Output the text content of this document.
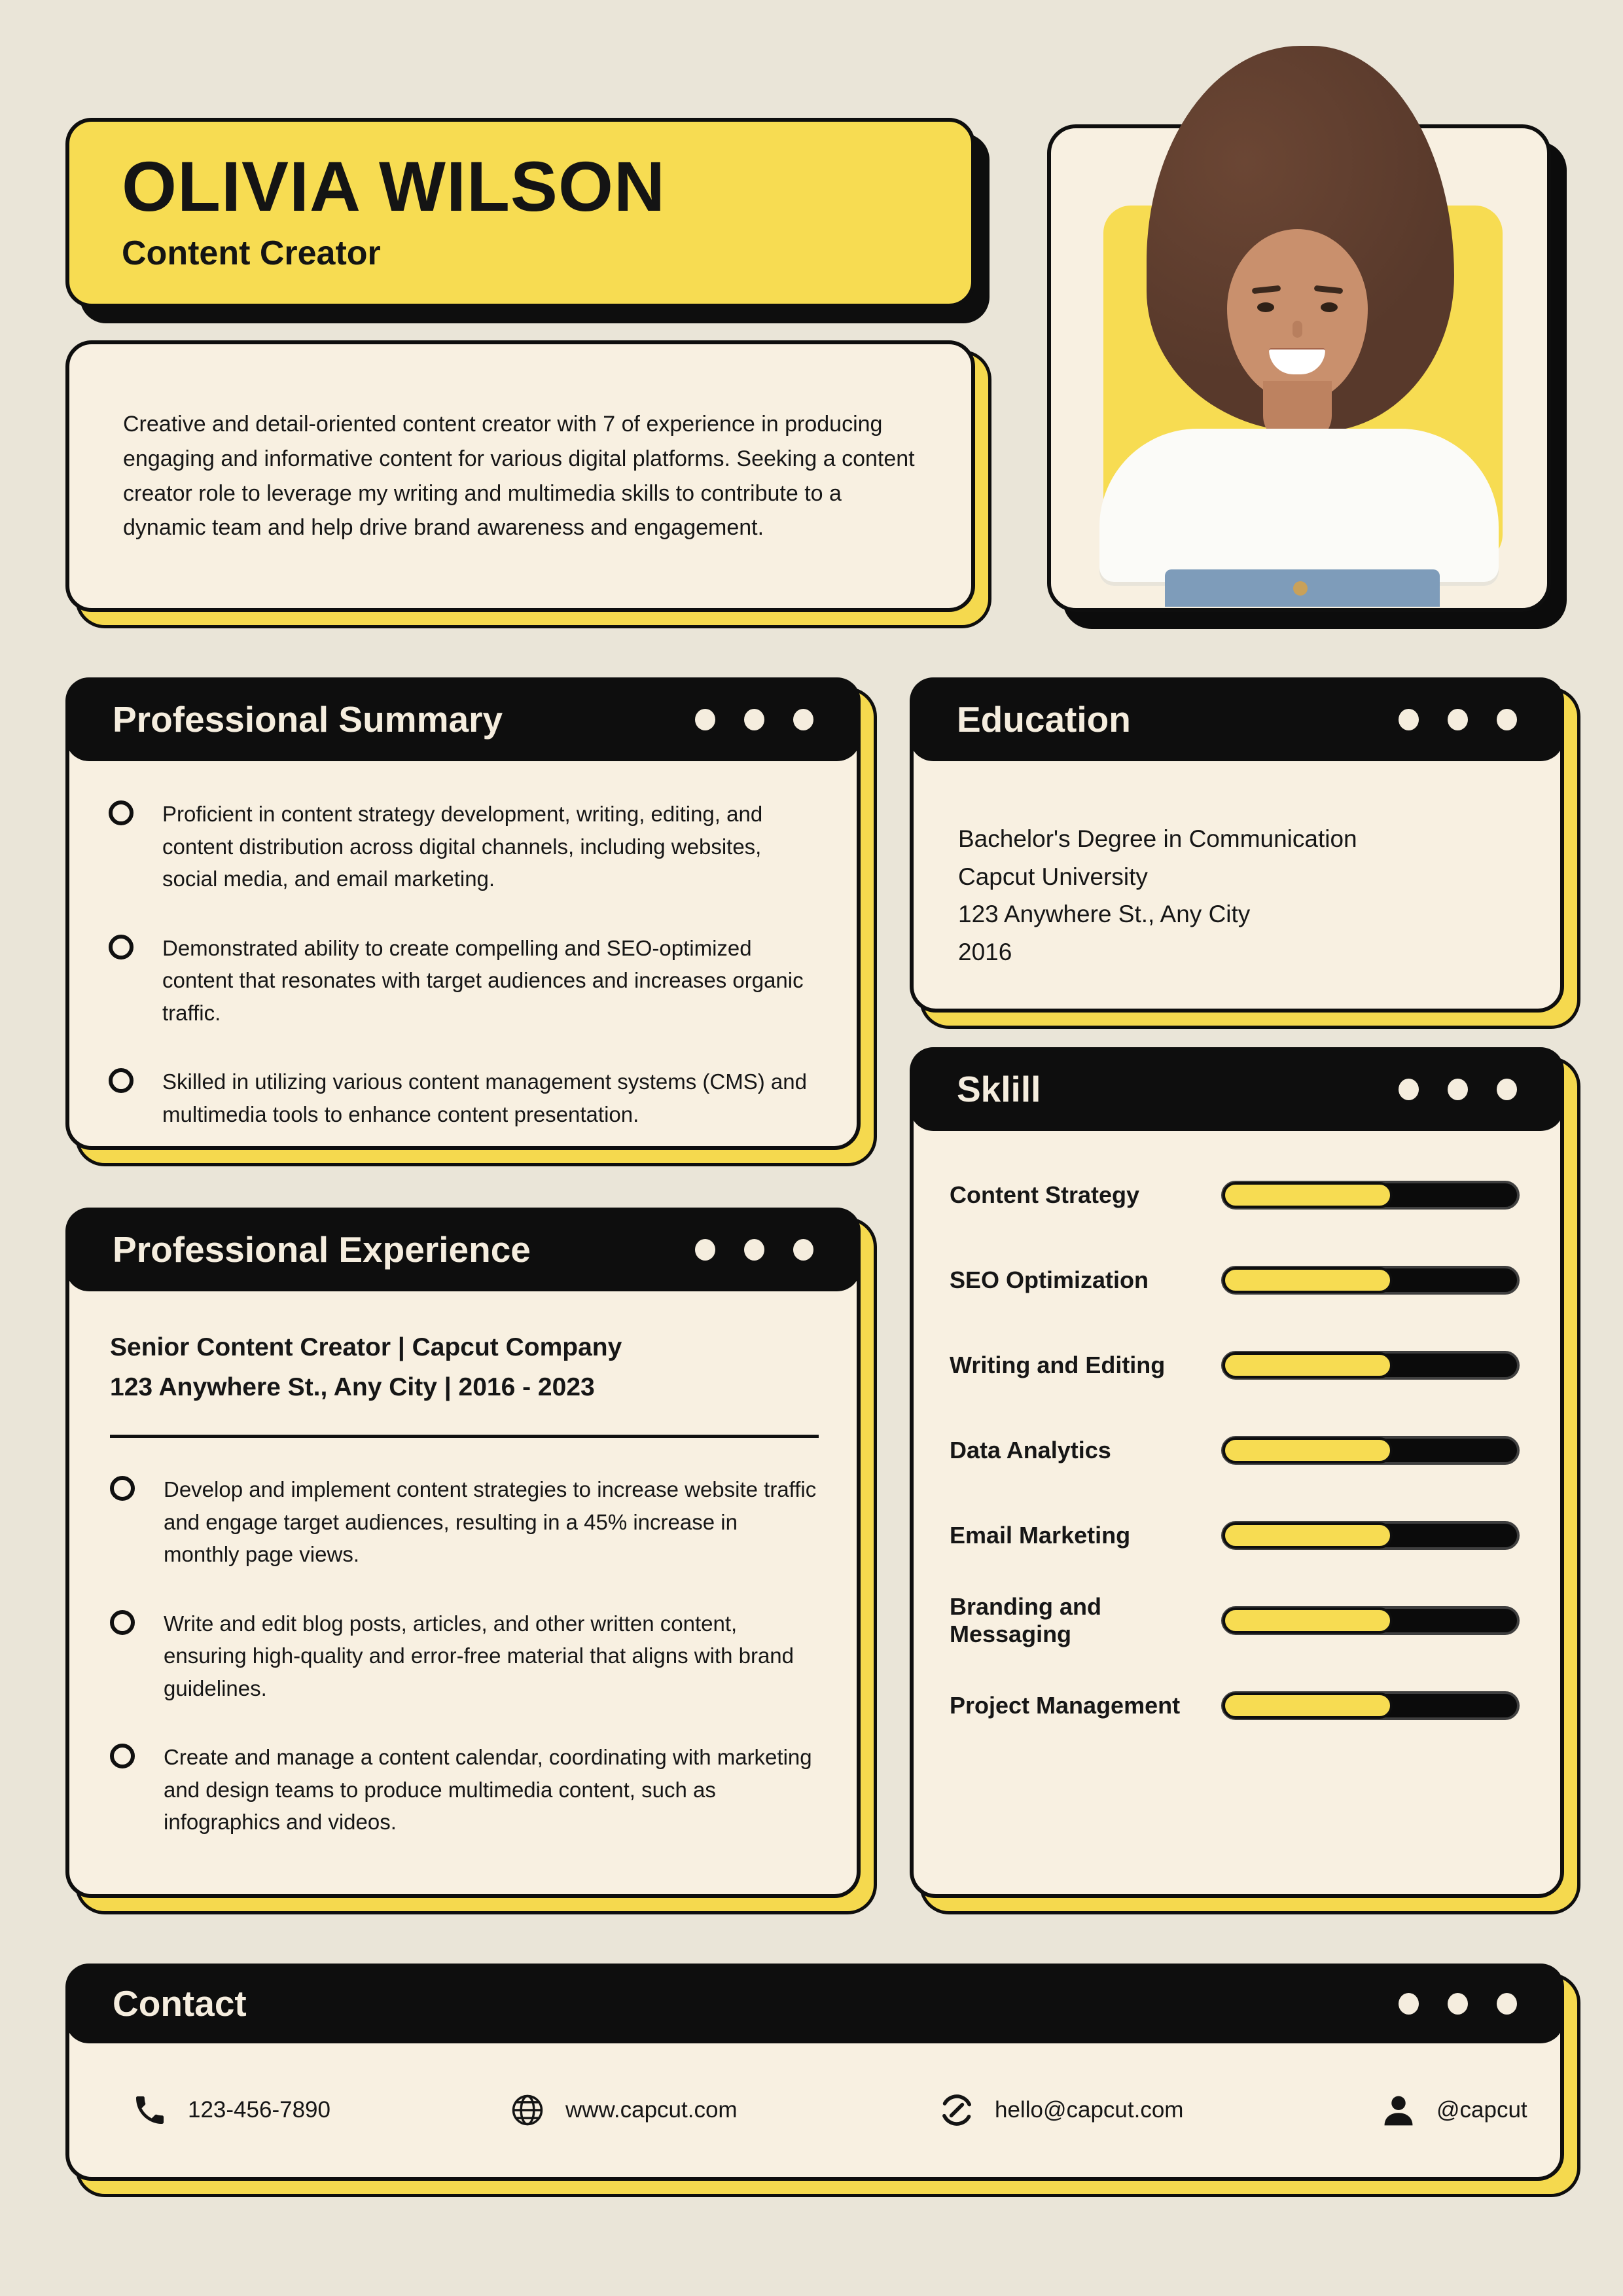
OLIVIA WILSON
Content Creator
Creative and detail-oriented content creator with 7 of experience in producing engaging and informative content for various digital platforms. Seeking a content creator role to leverage my writing and multimedia skills to contribute to a dynamic team and help drive brand awareness and engagement.
Professional Summary
Proficient in content strategy development, writing, editing, and content distribution across digital channels, including websites, social media, and email marketing.
Demonstrated ability to create compelling and SEO-optimized content that resonates with target audiences and increases organic traffic.
Skilled in utilizing various content management systems (CMS) and multimedia tools to enhance content presentation.
Education
Bachelor's Degree in Communication
Capcut University
123 Anywhere St., Any City
2016
Sklill
Content Strategy
SEO Optimization
Writing and Editing
Data Analytics
Email Marketing
Branding and Messaging
Project Management
Professional Experience
Senior Content Creator | Capcut Company
123 Anywhere St., Any City | 2016 - 2023
Develop and implement content strategies to increase website traffic and engage target audiences, resulting in a 45% increase in monthly page views.
Write and edit blog posts, articles, and other written content, ensuring high-quality and error-free material that aligns with brand guidelines.
Create and manage a content calendar, coordinating with marketing and design teams to produce multimedia content, such as infographics and videos.
Contact
123-456-7890	www.capcut.com	hello@capcut.com	@capcut
